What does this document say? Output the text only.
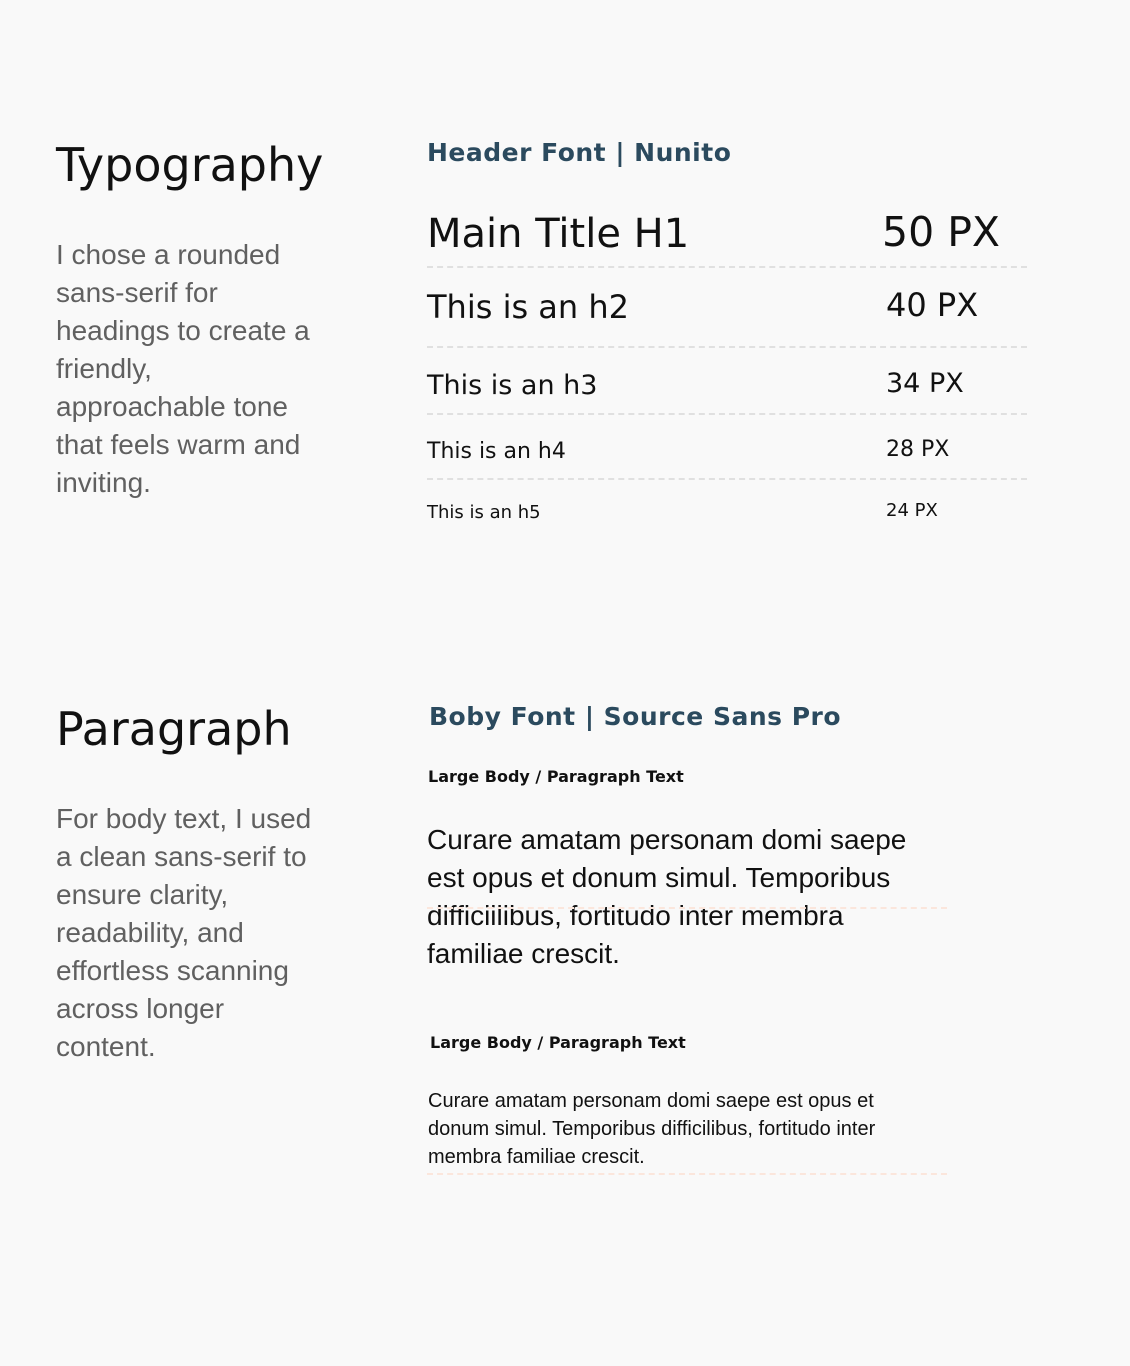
Typography

I chose a rounded sans-serif for headings to create a friendly, approachable tone that feels warm and inviting.

Header Font | Nunito
Main Title H1	50 PX
This is an h2	40 PX
This is an h3	34 PX
This is an h4	28 PX
This is an h5	24 PX
Paragraph

For body text, I used a clean sans-serif to ensure clarity, readability, and effortless scanning across longer content.

Boby Font | Source Sans Pro
Large Body / Paragraph Text

Curare amatam personam domi saepe est opus et donum simul. Temporibus difficiilibus, fortitudo inter membra familiae crescit.

Large Body / Paragraph Text

Curare amatam personam domi saepe est opus et donum simul. Temporibus difficilibus, fortitudo inter membra familiae crescit.
